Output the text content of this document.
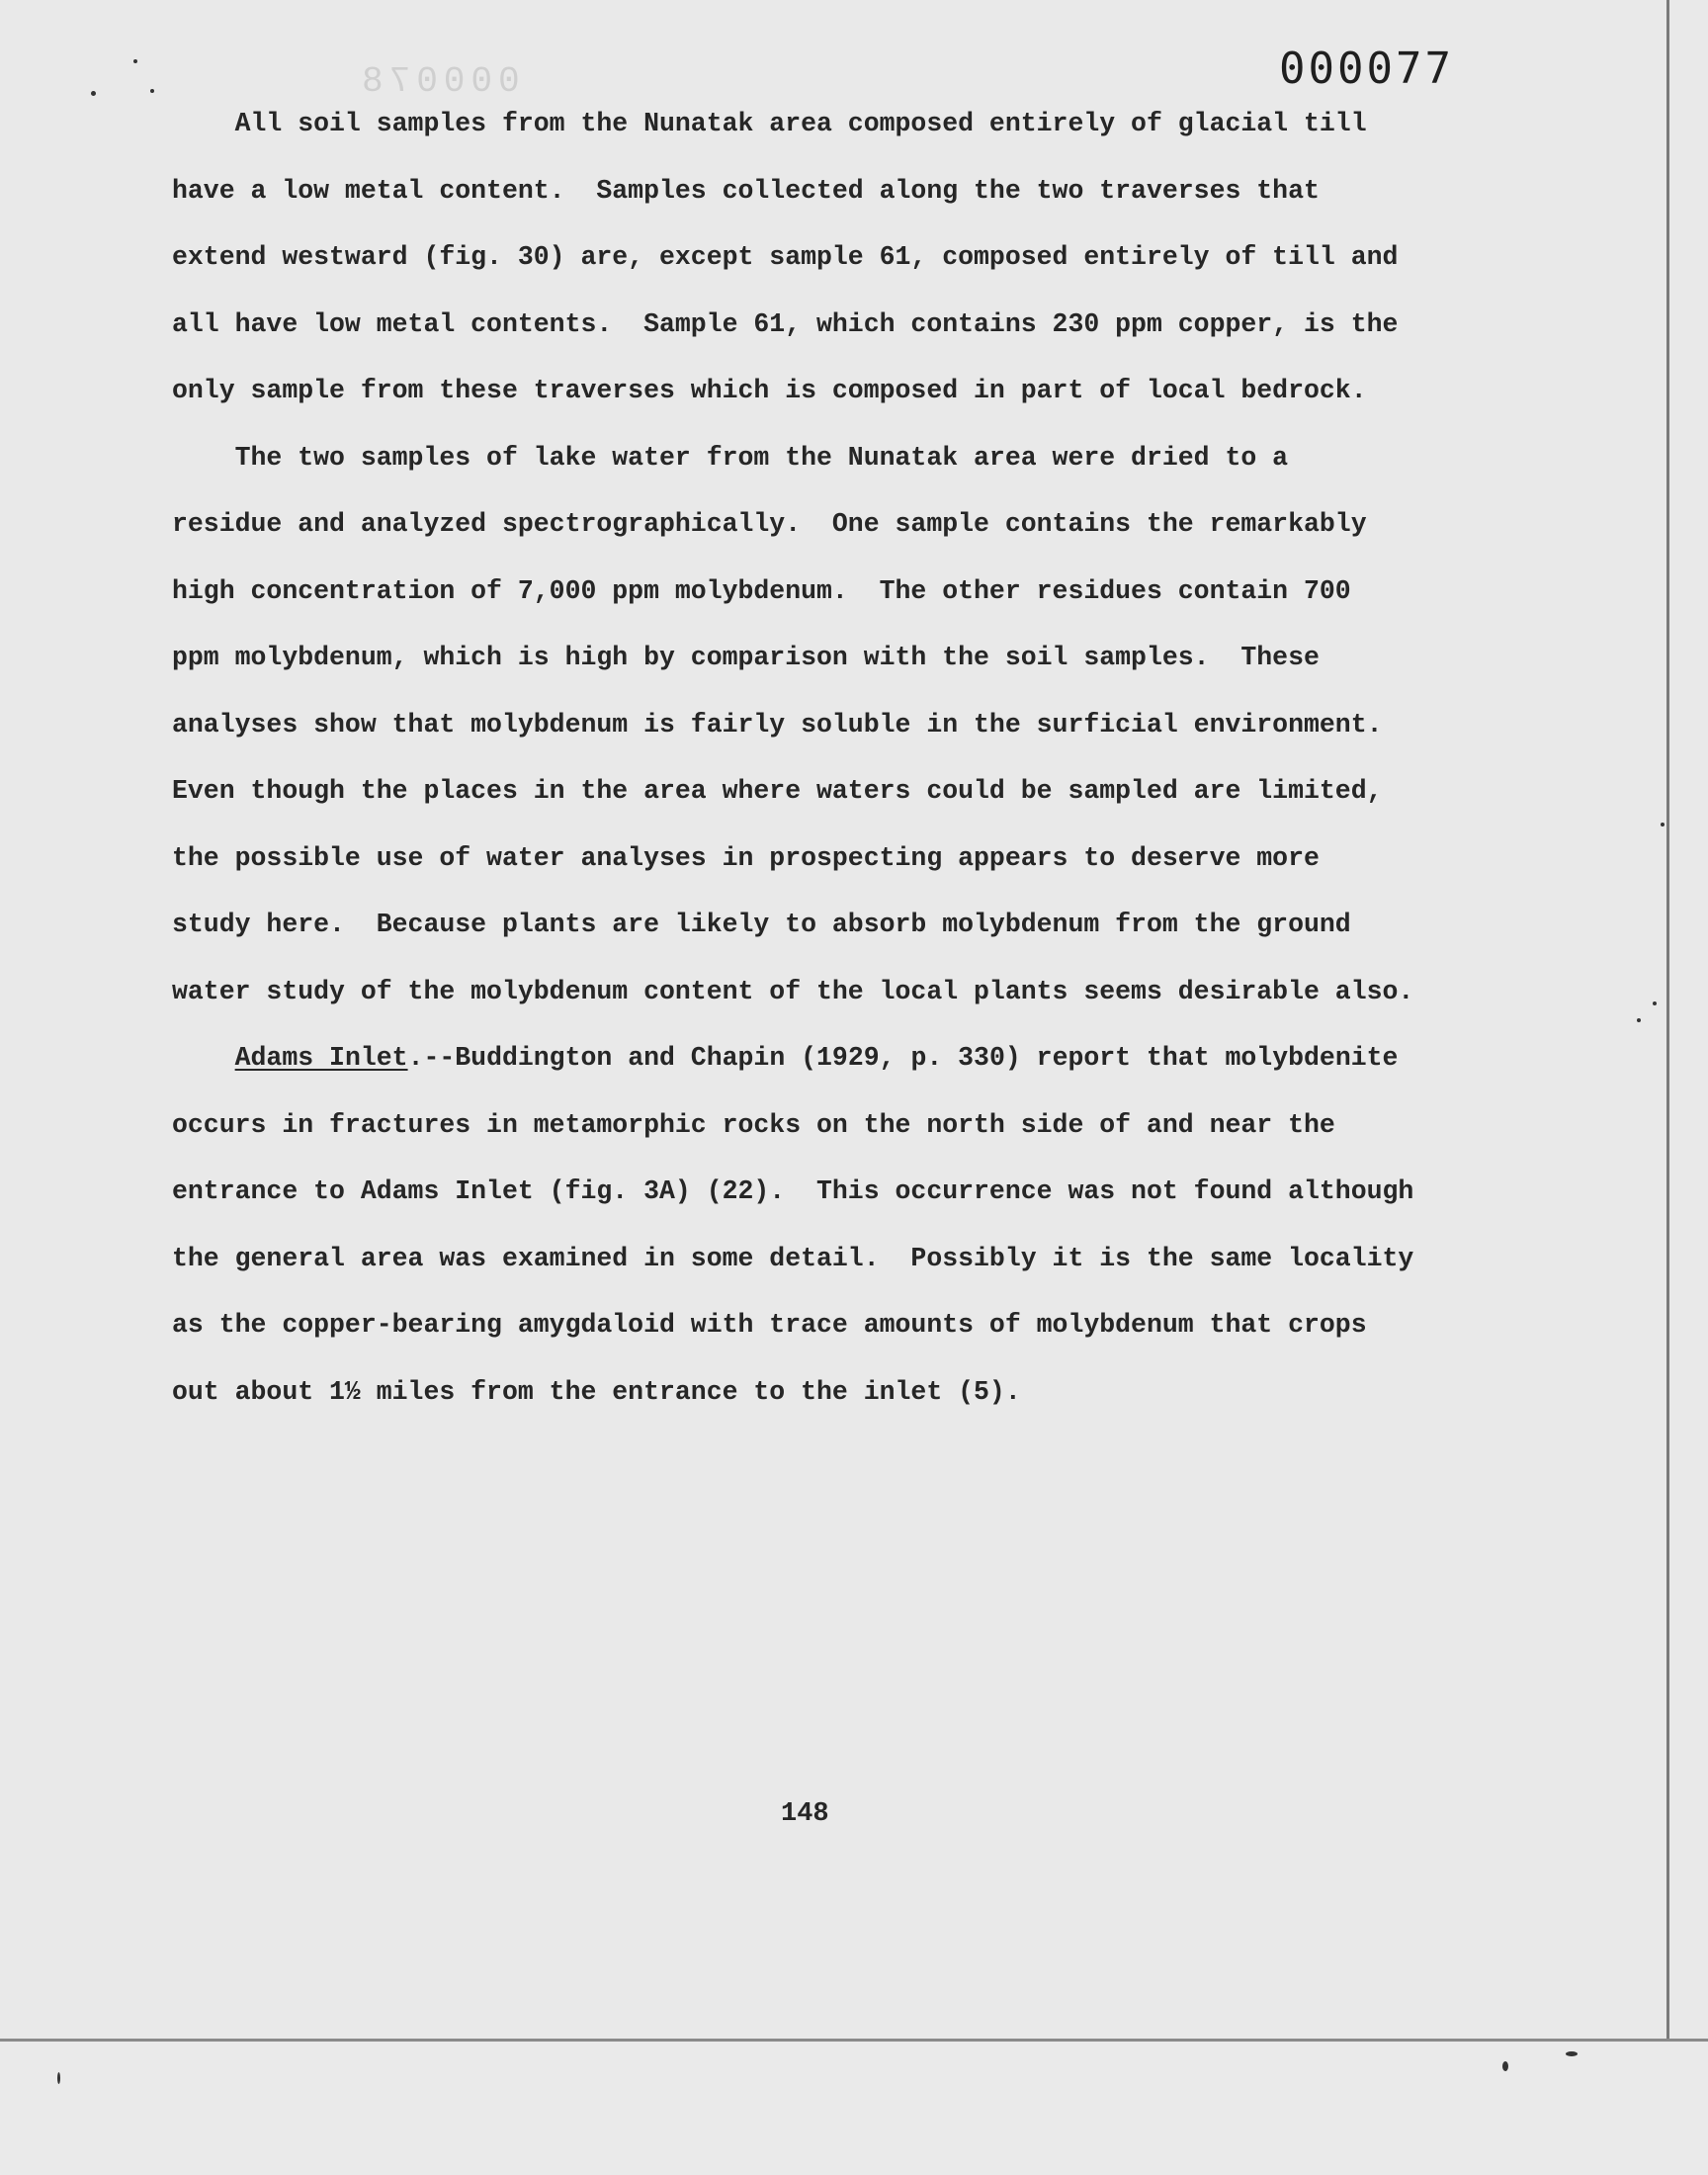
000078	000077
All soil samples from the Nunatak area composed entirely of glacial till
have a low metal content.  Samples collected along the two traverses that
extend westward (fig. 30) are, except sample 61, composed entirely of till and
all have low metal contents.  Sample 61, which contains 230 ppm copper, is the
only sample from these traverses which is composed in part of local bedrock.
The two samples of lake water from the Nunatak area were dried to a
residue and analyzed spectrographically.  One sample contains the remarkably
high concentration of 7,000 ppm molybdenum.  The other residues contain 700
ppm molybdenum, which is high by comparison with the soil samples.  These
analyses show that molybdenum is fairly soluble in the surficial environment.
Even though the places in the area where waters could be sampled are limited,
the possible use of water analyses in prospecting appears to deserve more
study here.  Because plants are likely to absorb molybdenum from the ground
water study of the molybdenum content of the local plants seems desirable also.
Adams Inlet.--Buddington and Chapin (1929, p. 330) report that molybdenite
occurs in fractures in metamorphic rocks on the north side of and near the
entrance to Adams Inlet (fig. 3A) (22).  This occurrence was not found although
the general area was examined in some detail.  Possibly it is the same locality
as the copper-bearing amygdaloid with trace amounts of molybdenum that crops
out about 1½ miles from the entrance to the inlet (5).
148
